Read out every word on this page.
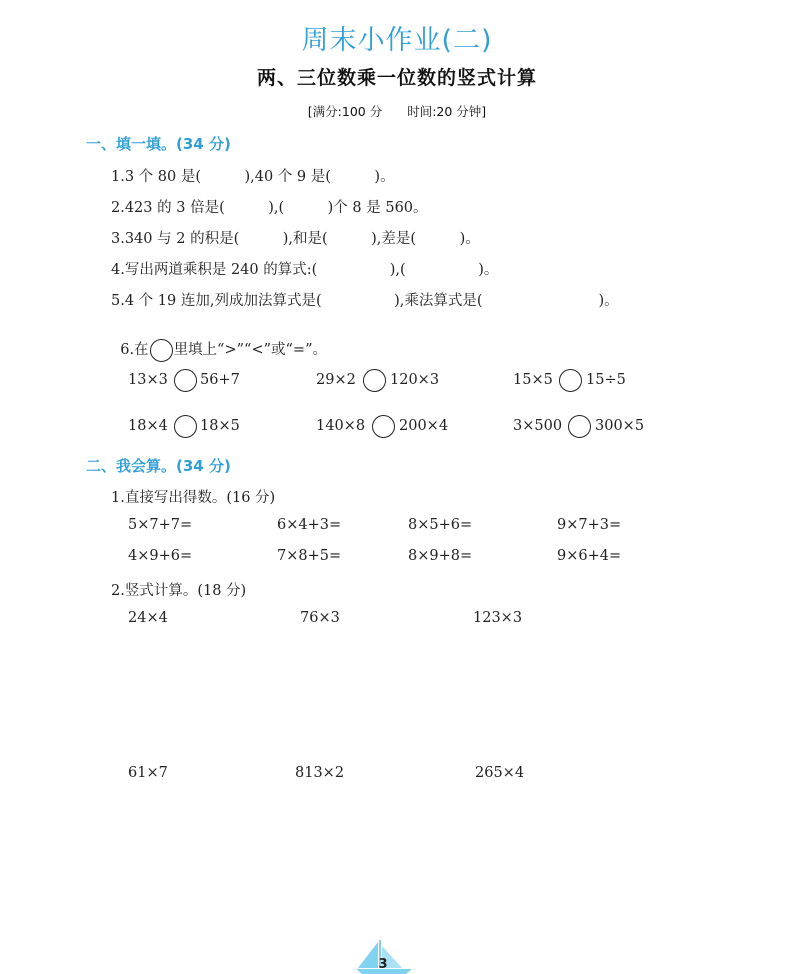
周末小作业(二)
两、三位数乘一位数的竖式计算
[满分:100 分　　时间:20 分钟]
一、填一填。(34 分)
1.3 个 80 是(　　　),40 个 9 是(　　　)。
2.423 的 3 倍是(　　　),(　　　)个 8 是 560。
3.340 与 2 的积是(　　　),和是(　　　),差是(　　　)。
4.写出两道乘积是 240 的算式:(　　　　　),(　　　　　)。
5.4 个 19 连加,列成加法算式是(　　　　　),乘法算式是(　　　　　　　　)。

6.在 里填上“>”“<”或“=”。

13×3 56+7	29×2 120×3	15×5 15÷5
18×4 18×5	140×8 200×4	3×500 300×5
二、我会算。(34 分)
1.直接写出得数。(16 分)
5×7+7=	6×4+3=	8×5+6=	9×7+3=
4×9+6=	7×8+5=	8×9+8=	9×6+4=
2.竖式计算。(18 分)
24×4	76×3	123×3
61×7	813×2	265×4
3
